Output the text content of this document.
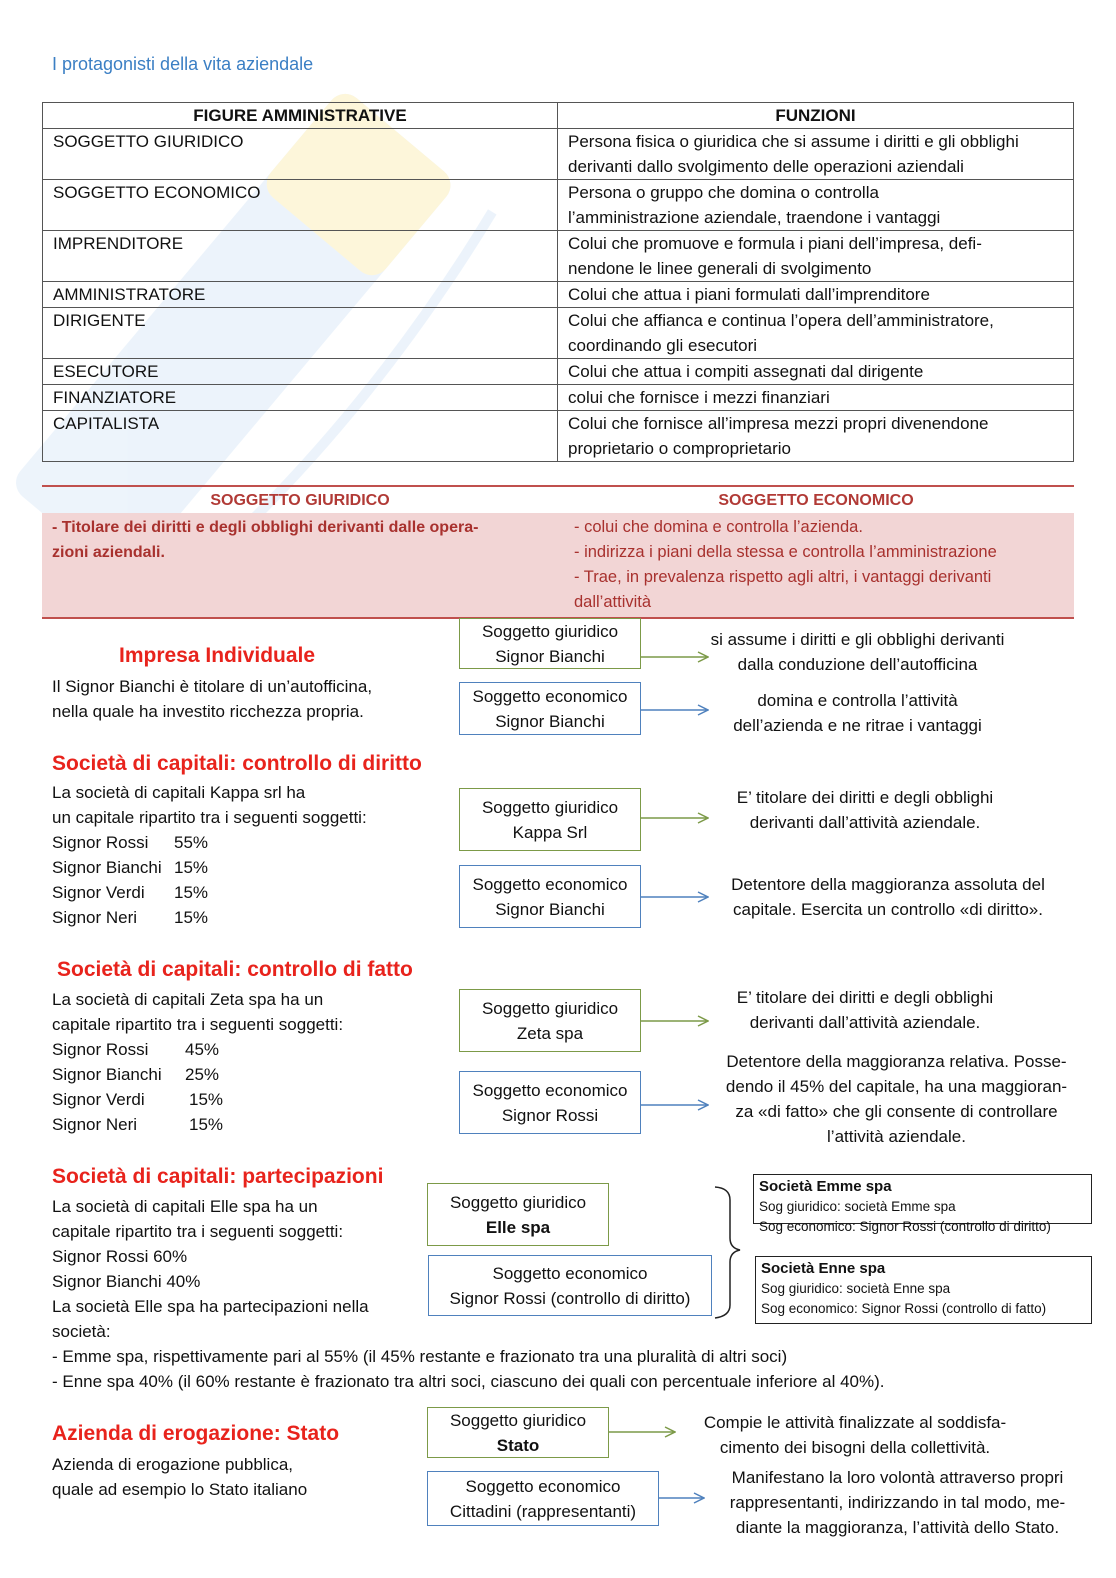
I protagonisti della vita aziendale
FIGURE AMMINISTRATIVE	FUNZIONI
SOGGETTO GIURIDICO	Persona fisica o giuridica che si assume i diritti e gli obblighi
derivanti dallo svolgimento delle operazioni aziendali

SOGGETTO ECONOMICO	Persona o gruppo che domina o controlla
l’amministrazione aziendale, traendone i vantaggi

IMPRENDITORE	Colui che promuove e formula i piani dell’impresa, defi-
nendone le linee generali di svolgimento

AMMINISTRATORE	Colui che attua i piani formulati dall’imprenditore

DIRIGENTE	Colui che affianca e continua l’opera dell’amministratore,
coordinando gli esecutori

ESECUTORE	Colui che attua i compiti assegnati dal dirigente

FINANZIATORE	colui che fornisce i mezzi finanziari

CAPITALISTA	Colui che fornisce all’impresa mezzi propri divenendone
proprietario o comproprietario
SOGGETTO GIURIDICO	SOGGETTO ECONOMICO
- Titolare dei diritti e degli obblighi derivanti dalle opera-
zioni aziendali.
- colui che domina e controlla l’azienda.
- indirizza i piani della stessa e controlla l’amministrazione
- Trae, in prevalenza rispetto agli altri, i vantaggi derivanti
dall’attività
Impresa Individuale
Il Signor Bianchi è titolare di un’autofficina,
nella quale ha investito ricchezza propria.
Soggetto giuridico
Signor Bianchi
Soggetto economico
Signor Bianchi
si assume i diritti e gli obblighi derivanti
dalla conduzione dell’autofficina
domina e controlla l’attività
dell’azienda e ne ritrae i vantaggi
Società di capitali: controllo di diritto
La società di capitali Kappa srl ha
un capitale ripartito tra i seguenti soggetti:
Signor Rossi 55%
Signor Bianchi 15%
Signor Verdi 15%
Signor Neri 15%
Soggetto giuridico
Kappa Srl
Soggetto economico
Signor Bianchi
E’ titolare dei diritti e degli obblighi
derivanti dall’attività aziendale.
Detentore della maggioranza assoluta del
capitale. Esercita un controllo «di diritto».
Società di capitali: controllo di fatto
La società di capitali Zeta spa ha un
capitale ripartito tra i seguenti soggetti:
Signor Rossi 45%
Signor Bianchi 25%
Signor Verdi	15%
Signor Neri	15%
Soggetto giuridico
Zeta spa
Soggetto economico
Signor Rossi
E’ titolare dei diritti e degli obblighi
derivanti dall’attività aziendale.
Detentore della maggioranza relativa. Posse-
dendo il 45% del capitale, ha una maggioran-
za «di fatto» che gli consente di controllare
l’attività aziendale.
Società di capitali: partecipazioni
La società di capitali Elle spa ha un
capitale ripartito tra i seguenti soggetti:
Signor Rossi 60%
Signor Bianchi 40%
La società Elle spa ha partecipazioni nella
società:
- Emme spa, rispettivamente pari al 55% (il 45% restante e frazionato tra una pluralità di altri soci)
- Enne spa 40% (il 60% restante è frazionato tra altri soci, ciascuno dei quali con percentuale inferiore al 40%).
Soggetto giuridico
Elle spa
Soggetto economico
Signor Rossi (controllo di diritto)
Società Emme spa
Sog giuridico: società Emme spa
Sog economico: Signor Rossi (controllo di diritto)
Società Enne spa
Sog giuridico: società Enne spa
Sog economico: Signor Rossi (controllo di fatto)
Azienda di erogazione: Stato
Azienda di erogazione pubblica,
quale ad esempio lo Stato italiano
Soggetto giuridico
Stato
Soggetto economico
Cittadini (rappresentanti)
Compie le attività finalizzate al soddisfa-
cimento dei bisogni della collettività.
Manifestano la loro volontà attraverso propri
rappresentanti, indirizzando in tal modo, me-
diante la maggioranza, l’attività dello Stato.
